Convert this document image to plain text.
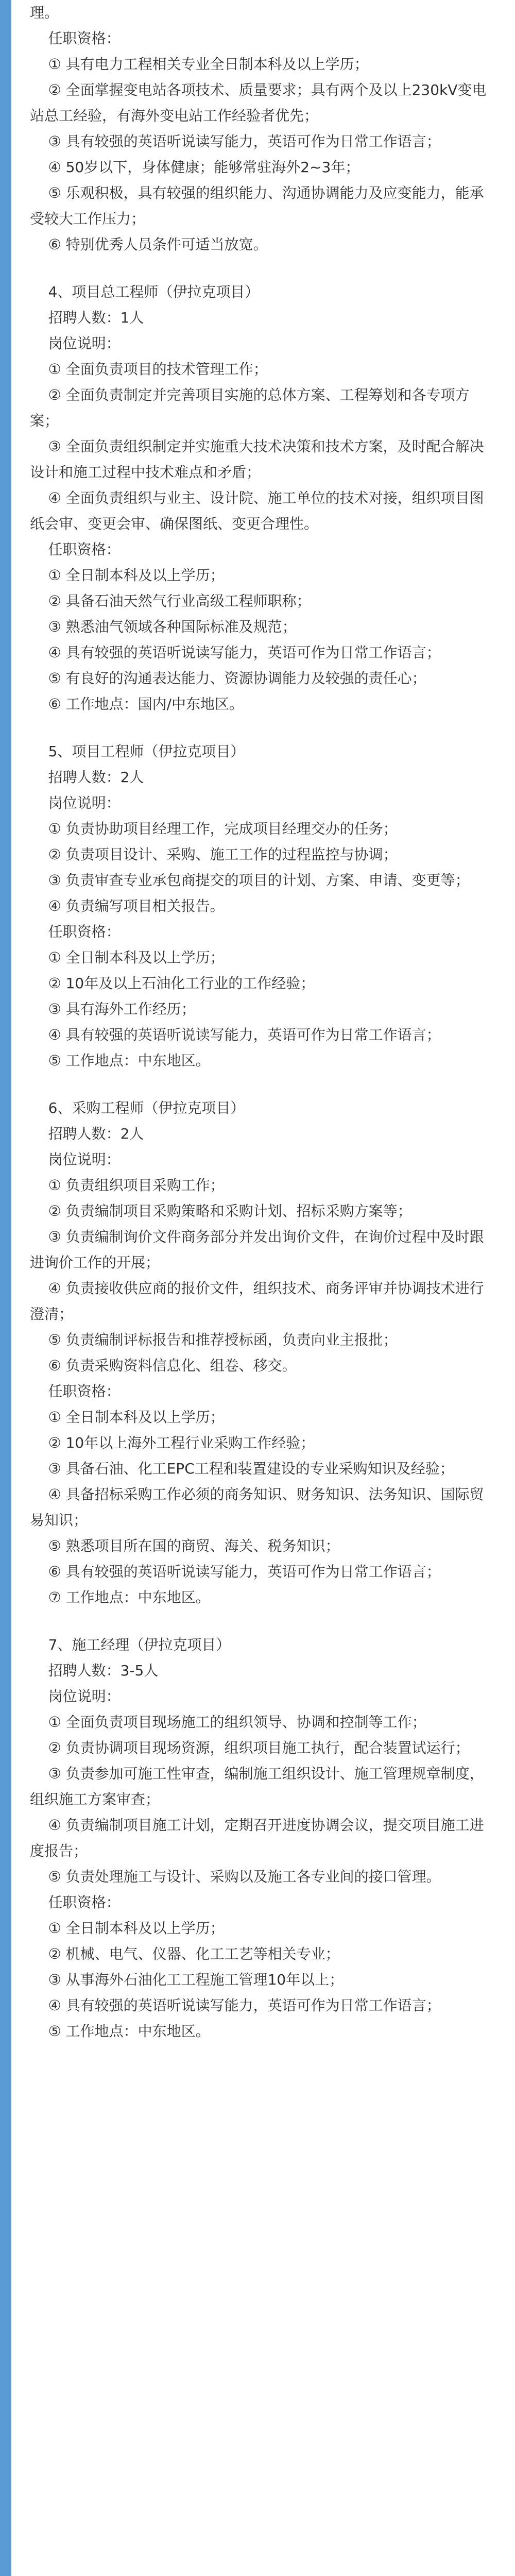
理。

任职资格：

① 具有电力工程相关专业全日制本科及以上学历；

② 全面掌握变电站各项技术、质量要求；具有两个及以上230kV变电站总工经验，有海外变电站工作经验者优先；

③ 具有较强的英语听说读写能力，英语可作为日常工作语言；

④ 50岁以下，身体健康；能够常驻海外2~3年；

⑤ 乐观积极，具有较强的组织能力、沟通协调能力及应变能力，能承受较大工作压力；

⑥ 特别优秀人员条件可适当放宽。

4、项目总工程师（伊拉克项目）

招聘人数：1人

岗位说明：

① 全面负责项目的技术管理工作；

② 全面负责制定并完善项目实施的总体方案、工程筹划和各专项方案；

③ 全面负责组织制定并实施重大技术决策和技术方案，及时配合解决设计和施工过程中技术难点和矛盾；

④ 全面负责组织与业主、设计院、施工单位的技术对接，组织项目图纸会审、变更会审、确保图纸、变更合理性。

任职资格：

① 全日制本科及以上学历；

② 具备石油天然气行业高级工程师职称；

③ 熟悉油气领域各种国际标准及规范；

④ 具有较强的英语听说读写能力，英语可作为日常工作语言；

⑤ 有良好的沟通表达能力、资源协调能力及较强的责任心；

⑥ 工作地点：国内/中东地区。

5、项目工程师（伊拉克项目）

招聘人数：2人

岗位说明：

① 负责协助项目经理工作，完成项目经理交办的任务；

② 负责项目设计、采购、施工工作的过程监控与协调；

③ 负责审查专业承包商提交的项目的计划、方案、申请、变更等；

④ 负责编写项目相关报告。

任职资格：

① 全日制本科及以上学历；

② 10年及以上石油化工行业的工作经验；

③ 具有海外工作经历；

④ 具有较强的英语听说读写能力，英语可作为日常工作语言；

⑤ 工作地点：中东地区。

6、采购工程师（伊拉克项目）

招聘人数：2人

岗位说明：

① 负责组织项目采购工作；

② 负责编制项目采购策略和采购计划、招标采购方案等；

③ 负责编制询价文件商务部分并发出询价文件，在询价过程中及时跟进询价工作的开展；

④ 负责接收供应商的报价文件，组织技术、商务评审并协调技术进行澄清；

⑤ 负责编制评标报告和推荐授标函，负责向业主报批；

⑥ 负责采购资料信息化、组卷、移交。

任职资格：

① 全日制本科及以上学历；

② 10年以上海外工程行业采购工作经验；

③ 具备石油、化工EPC工程和装置建设的专业采购知识及经验；

④ 具备招标采购工作必须的商务知识、财务知识、法务知识、国际贸易知识；

⑤ 熟悉项目所在国的商贸、海关、税务知识；

⑥ 具有较强的英语听说读写能力，英语可作为日常工作语言；

⑦ 工作地点：中东地区。

7、施工经理（伊拉克项目）

招聘人数：3-5人

岗位说明：

① 全面负责项目现场施工的组织领导、协调和控制等工作；

② 负责协调项目现场资源，组织项目施工执行，配合装置试运行；

③ 负责参加可施工性审查，编制施工组织设计、施工管理规章制度，组织施工方案审查；

④ 负责编制项目施工计划，定期召开进度协调会议，提交项目施工进度报告；

⑤ 负责处理施工与设计、采购以及施工各专业间的接口管理。

任职资格：

① 全日制本科及以上学历；

② 机械、电气、仪器、化工工艺等相关专业；

③ 从事海外石油化工工程施工管理10年以上；

④ 具有较强的英语听说读写能力，英语可作为日常工作语言；

⑤ 工作地点：中东地区。
